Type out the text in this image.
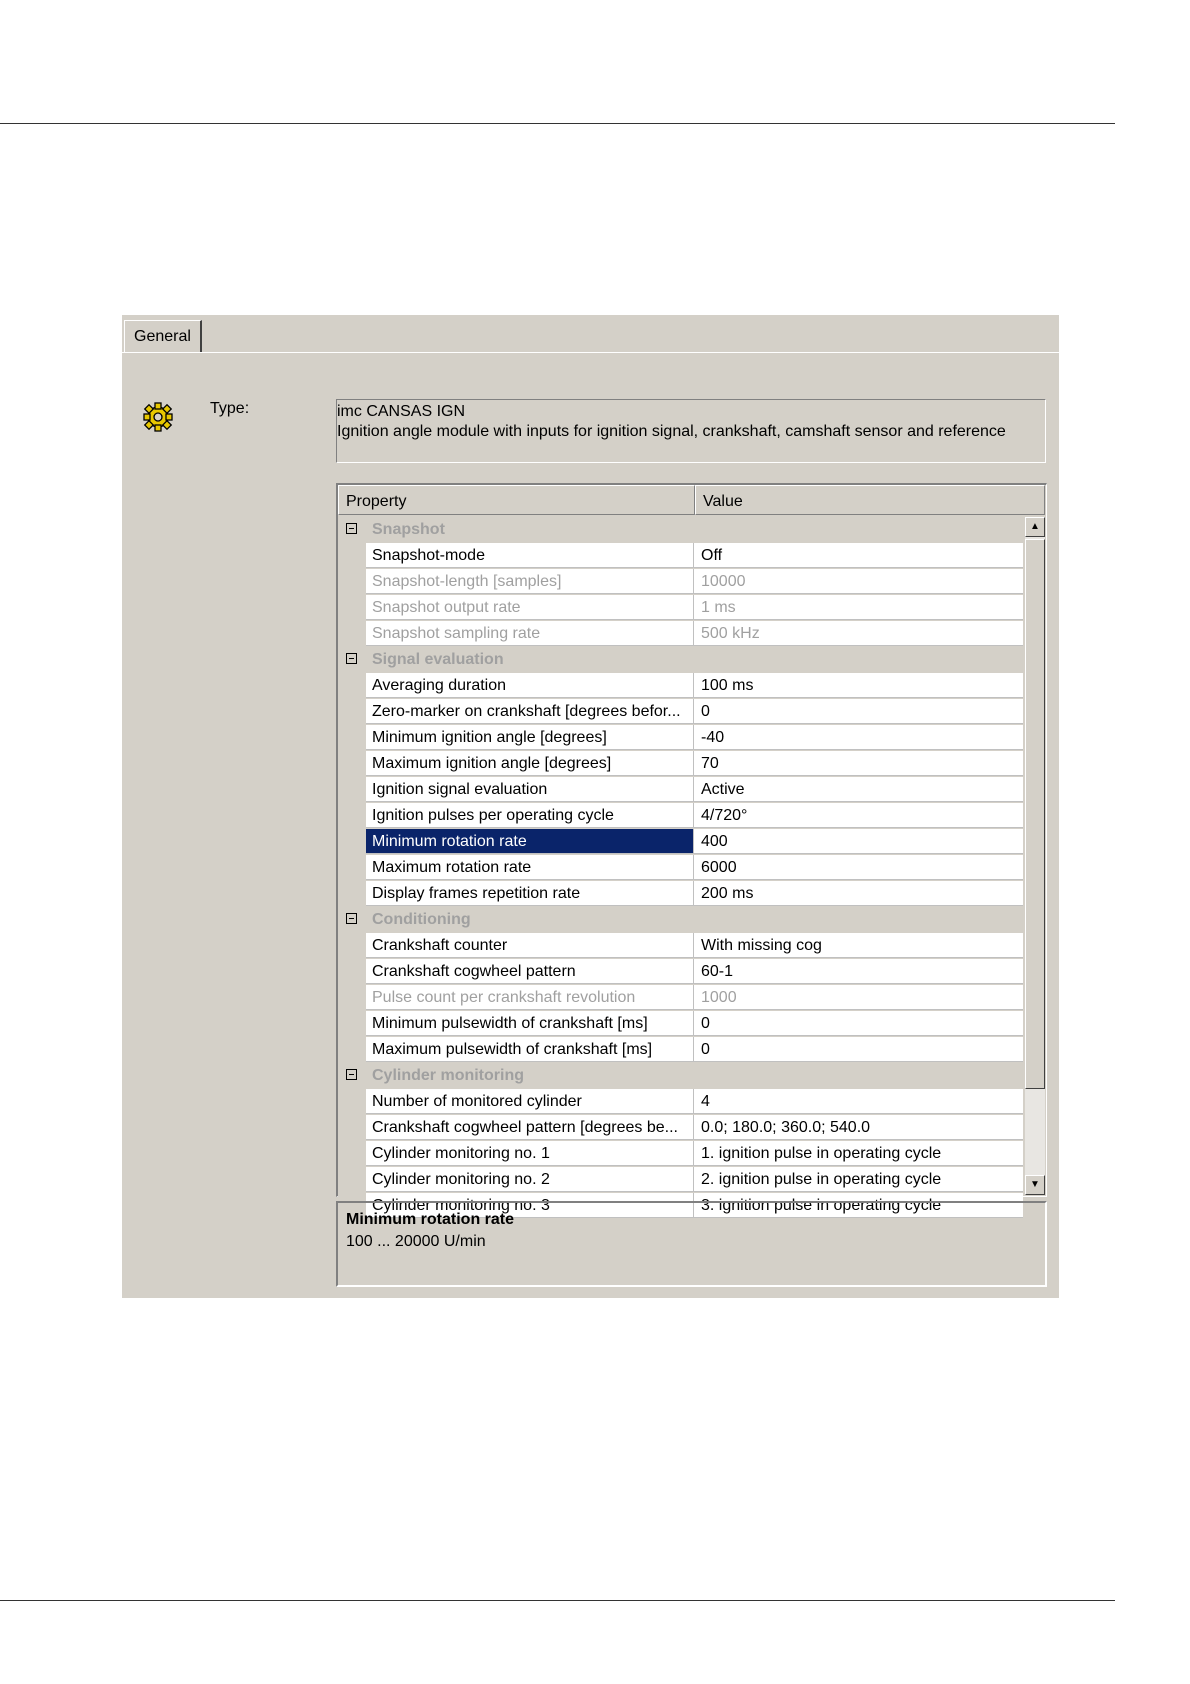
General
Type:	imc CANSAS IGN
Ignition angle module with inputs for ignition signal, crankshaft, camshaft sensor and reference
Property	Value
Snapshot
Snapshot-mode	Off
Snapshot-length [samples]	10000
Snapshot output rate	1 ms
Snapshot sampling rate	500 kHz
Signal evaluation
Averaging duration	100 ms
Zero-marker on crankshaft [degrees befor...	0
Minimum ignition angle [degrees]	-40
Maximum ignition angle [degrees]	70
Ignition signal evaluation	Active
Ignition pulses per operating cycle	4/720°
Minimum rotation rate	400
Maximum rotation rate	6000
Display frames repetition rate	200 ms
Conditioning
Crankshaft counter	With missing cog
Crankshaft cogwheel pattern	60-1
Pulse count per crankshaft revolution	1000
Minimum pulsewidth of crankshaft [ms]	0
Maximum pulsewidth of crankshaft [ms]	0
Cylinder monitoring
Number of monitored cylinder	4
Crankshaft cogwheel pattern [degrees be...	0.0; 180.0; 360.0; 540.0
Cylinder monitoring no. 1	1. ignition pulse in operating cycle
Cylinder monitoring no. 2	2. ignition pulse in operating cycle
Cylinder monitoring no. 3	3. ignition pulse in operating cycle
▲
▼
Minimum rotation rate
100 ... 20000 U/min
